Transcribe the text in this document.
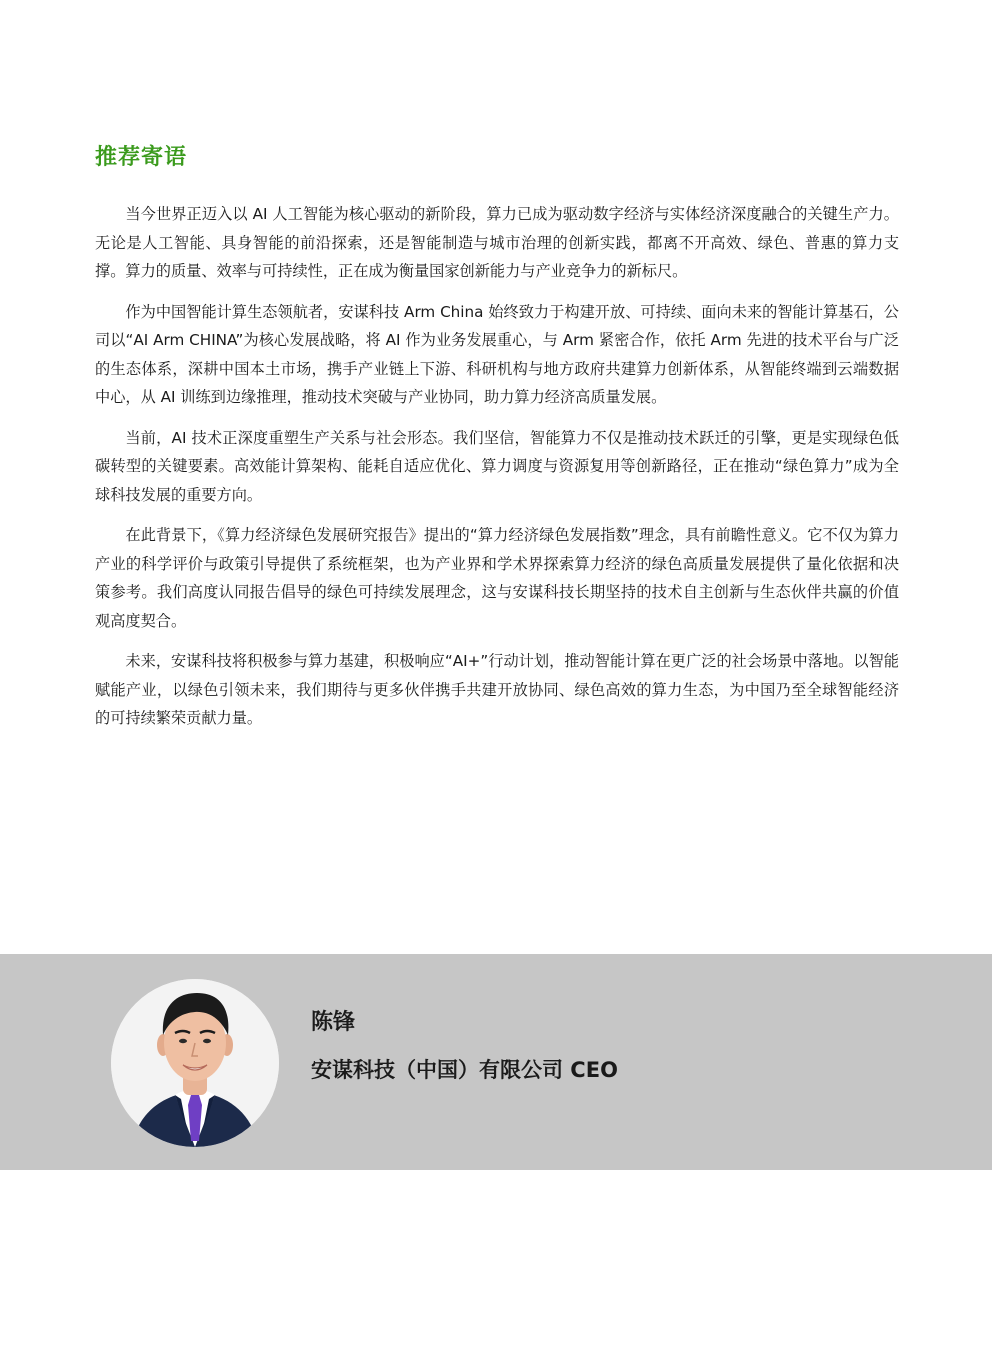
推荐寄语

当今世界正迈入以 AI 人工智能为核心驱动的新阶段，算力已成为驱动数字经济与实体经济深度融合的关键生产力。无论是人工智能、具身智能的前沿探索，还是智能制造与城市治理的创新实践，都离不开高效、绿色、普惠的算力支撑。算力的质量、效率与可持续性，正在成为衡量国家创新能力与产业竞争力的新标尺。

作为中国智能计算生态领航者，安谋科技 Arm China 始终致力于构建开放、可持续、面向未来的智能计算基石，公司以“AI Arm CHINA”为核心发展战略，将 AI 作为业务发展重心，与 Arm 紧密合作，依托 Arm 先进的技术平台与广泛的生态体系，深耕中国本土市场，携手产业链上下游、科研机构与地方政府共建算力创新体系，从智能终端到云端数据中心，从 AI 训练到边缘推理，推动技术突破与产业协同，助力算力经济高质量发展。

当前，AI 技术正深度重塑生产关系与社会形态。我们坚信，智能算力不仅是推动技术跃迁的引擎，更是实现绿色低碳转型的关键要素。高效能计算架构、能耗自适应优化、算力调度与资源复用等创新路径，正在推动“绿色算力”成为全球科技发展的重要方向。

在此背景下，《算力经济绿色发展研究报告》提出的“算力经济绿色发展指数”理念，具有前瞻性意义。它不仅为算力产业的科学评价与政策引导提供了系统框架，也为产业界和学术界探索算力经济的绿色高质量发展提供了量化依据和决策参考。我们高度认同报告倡导的绿色可持续发展理念，这与安谋科技长期坚持的技术自主创新与生态伙伴共赢的价值观高度契合。

未来，安谋科技将积极参与算力基建，积极响应“AI+”行动计划，推动智能计算在更广泛的社会场景中落地。以智能赋能产业，以绿色引领未来，我们期待与更多伙伴携手共建开放协同、绿色高效的算力生态，为中国乃至全球智能经济的可持续繁荣贡献力量。

陈锋
安谋科技（中国）有限公司 CEO
